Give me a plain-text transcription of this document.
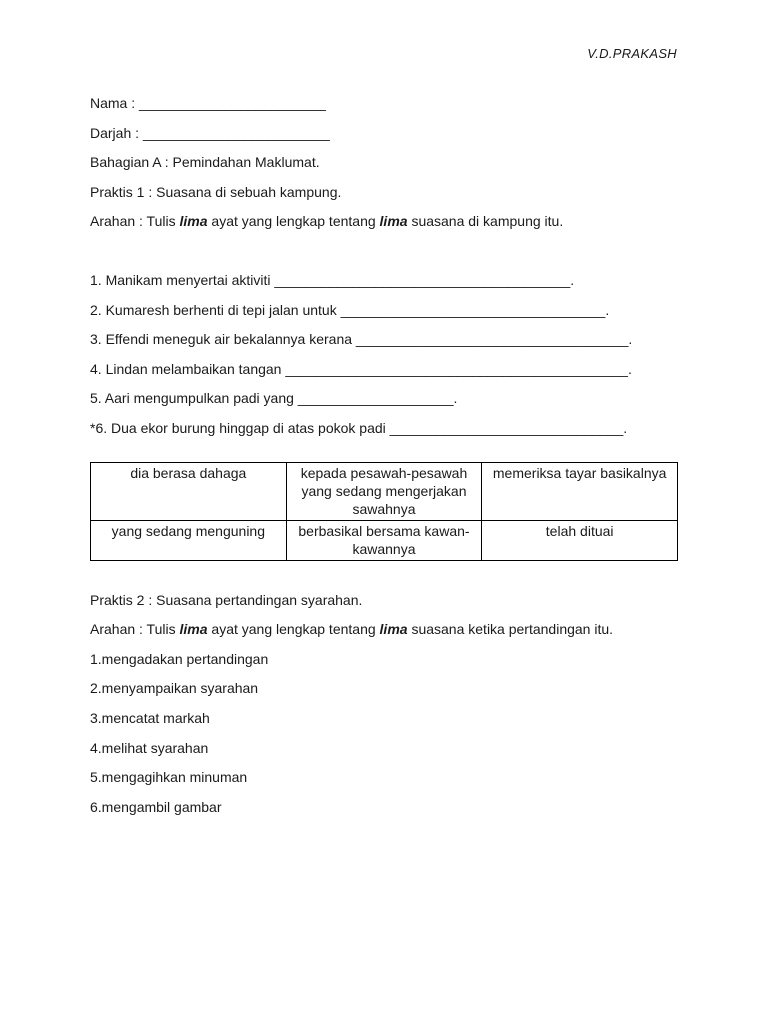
V.D.PRAKASH
Nama : ________________________
Darjah : ________________________
Bahagian A : Pemindahan Maklumat.
Praktis 1 : Suasana di sebuah kampung.
Arahan : Tulis lima ayat yang lengkap tentang lima suasana di kampung itu.
1. Manikam menyertai aktiviti ______________________________________.
2. Kumaresh berhenti di tepi jalan untuk __________________________________.
3. Effendi meneguk air bekalannya kerana ___________________________________.
4. Lindan melambaikan tangan ____________________________________________.
5. Aari mengumpulkan padi yang ____________________.
*6. Dua ekor burung hinggap di atas pokok padi ______________________________.
dia berasa dahaga	kepada pesawah-pesawah yang sedang mengerjakan sawahnya	memeriksa tayar basikalnya
yang sedang menguning	berbasikal bersama kawan-kawannya	telah dituai
Praktis 2 : Suasana pertandingan syarahan.
Arahan : Tulis lima ayat yang lengkap tentang lima suasana ketika pertandingan itu.
1.mengadakan pertandingan
2.menyampaikan syarahan
3.mencatat markah
4.melihat syarahan
5.mengagihkan minuman
6.mengambil gambar
